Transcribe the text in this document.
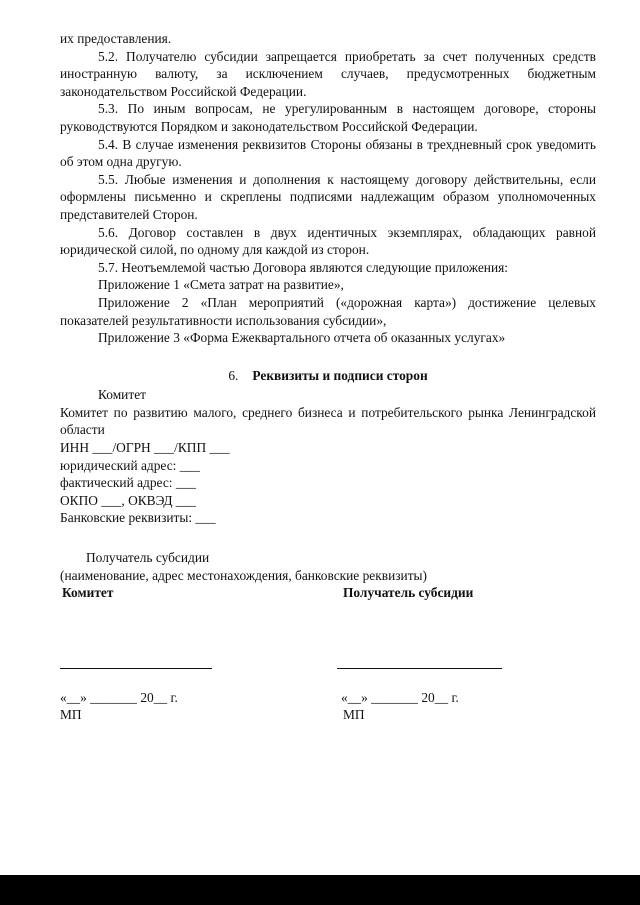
их предоставления.

5.2. Получателю субсидии запрещается приобретать за счет полученных средств иностранную валюту, за исключением случаев, предусмотренных бюджетным законодательством Российской Федерации.

5.3. По иным вопросам, не урегулированным в настоящем договоре, стороны руководствуются Порядком и законодательством Российской Федерации.

5.4. В случае изменения реквизитов Стороны обязаны в трехдневный срок уведомить об этом одна другую.

5.5. Любые изменения и дополнения к настоящему договору действительны, если оформлены письменно и скреплены подписями надлежащим образом уполномоченных представителей Сторон.

5.6. Договор составлен в двух идентичных экземплярах, обладающих равной юридической силой, по одному для каждой из сторон.

5.7. Неотъемлемой частью Договора являются следующие приложения:

Приложение 1 «Смета затрат на развитие»,

Приложение 2 «План мероприятий («дорожная карта») достижение целевых показателей результативности использования субсидии»,

Приложение 3 «Форма Ежеквартального отчета об оказанных услугах»

6. Реквизиты и подписи сторон
Комитет

Комитет по развитию малого, среднего бизнеса и потребительского рынка Ленинградской области

ИНН ___/ОГРН ___/КПП ___
юридический адрес: ___
фактический адрес: ___
ОКПО ___, ОКВЭД ___
Банковские реквизиты: ___
Получатель субсидии
(наименование, адрес местонахождения, банковские реквизиты)
Комитет	Получатель субсидии
«__» _______ 20__ г.	«__» _______ 20__ г.
МП	МП
